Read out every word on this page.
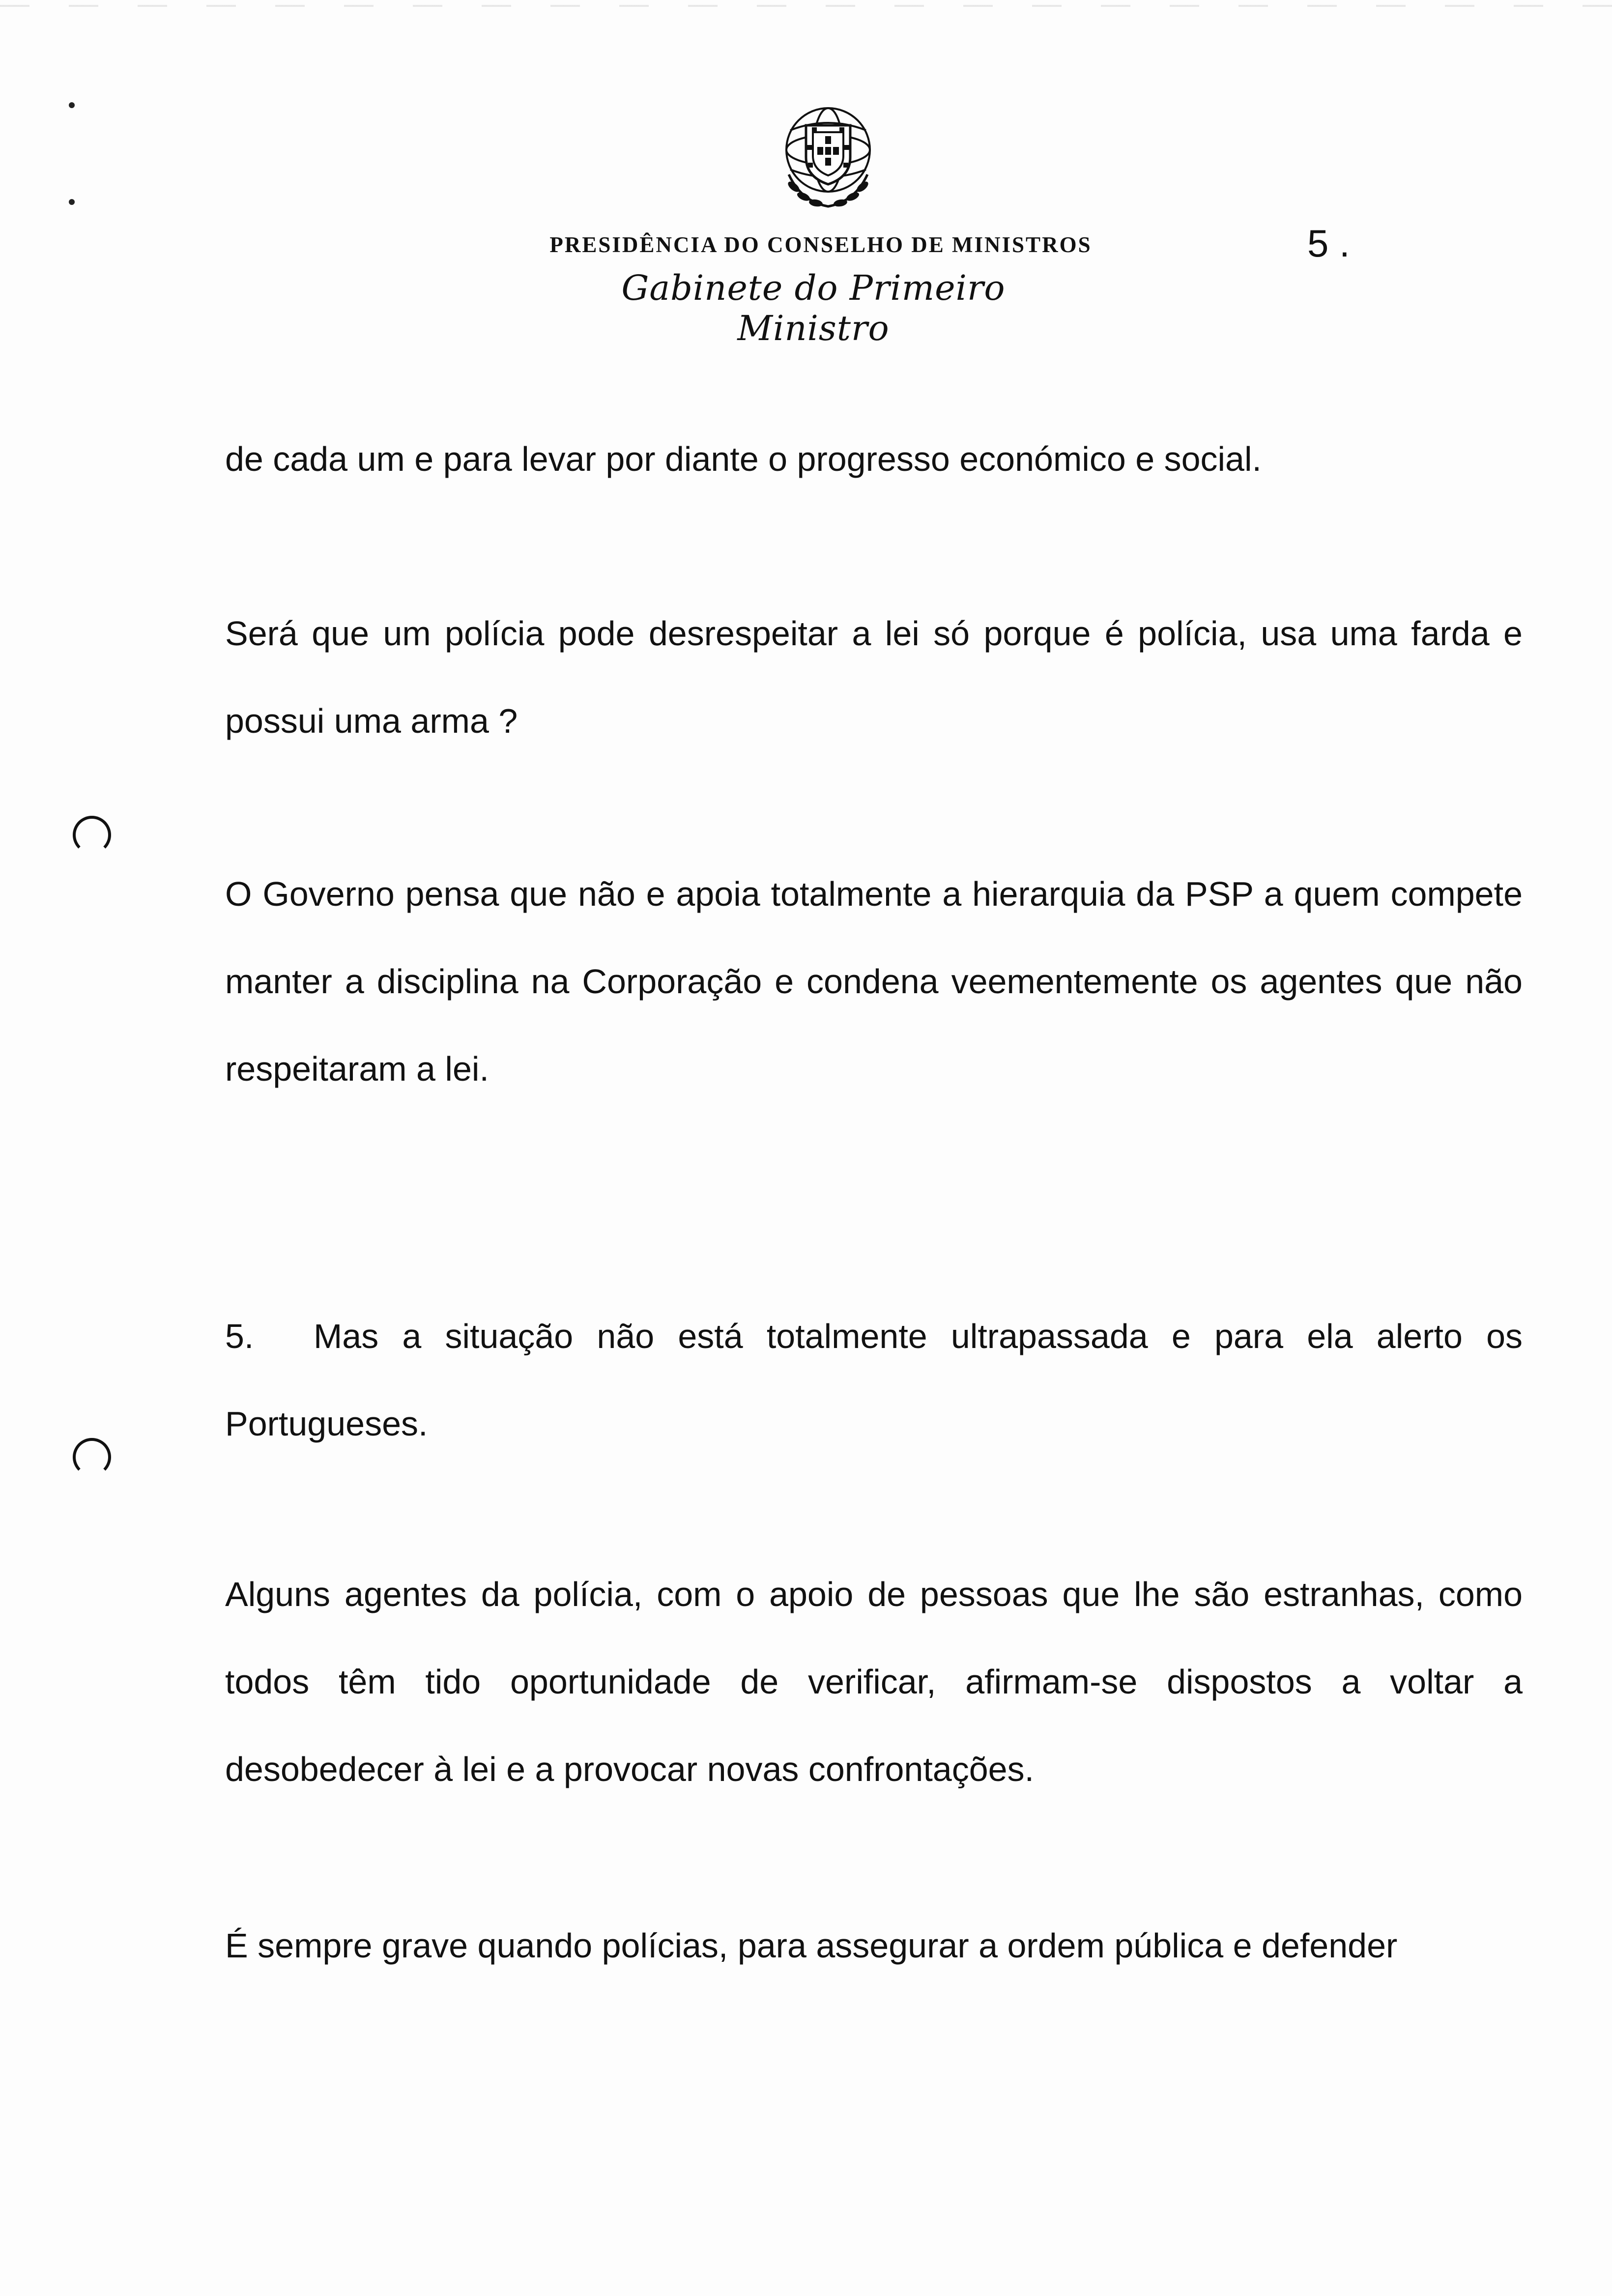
PRESIDÊNCIA DO CONSELHO DE MINISTROS
Gabinete do Primeiro Ministro
5 .
de cada um e para levar por diante o progresso económico e social.
Será que um polícia pode desrespeitar a lei só porque é polícia, usa uma farda e possui uma arma ?
O Governo pensa que não e apoia totalmente a hierarquia da PSP a quem compete manter a disciplina na Corporação e condena veementemente os agentes que não respeitaram a lei.
5. Mas a situação não está totalmente ultrapassada e para ela alerto os Portugueses.
Alguns agentes da polícia, com o apoio de pessoas que lhe são estranhas, como todos têm tido oportunidade de verificar, afirmam-se dispostos a voltar a desobedecer à lei e a provocar novas confrontações.
É sempre grave quando polícias, para assegurar a ordem pública e defender
